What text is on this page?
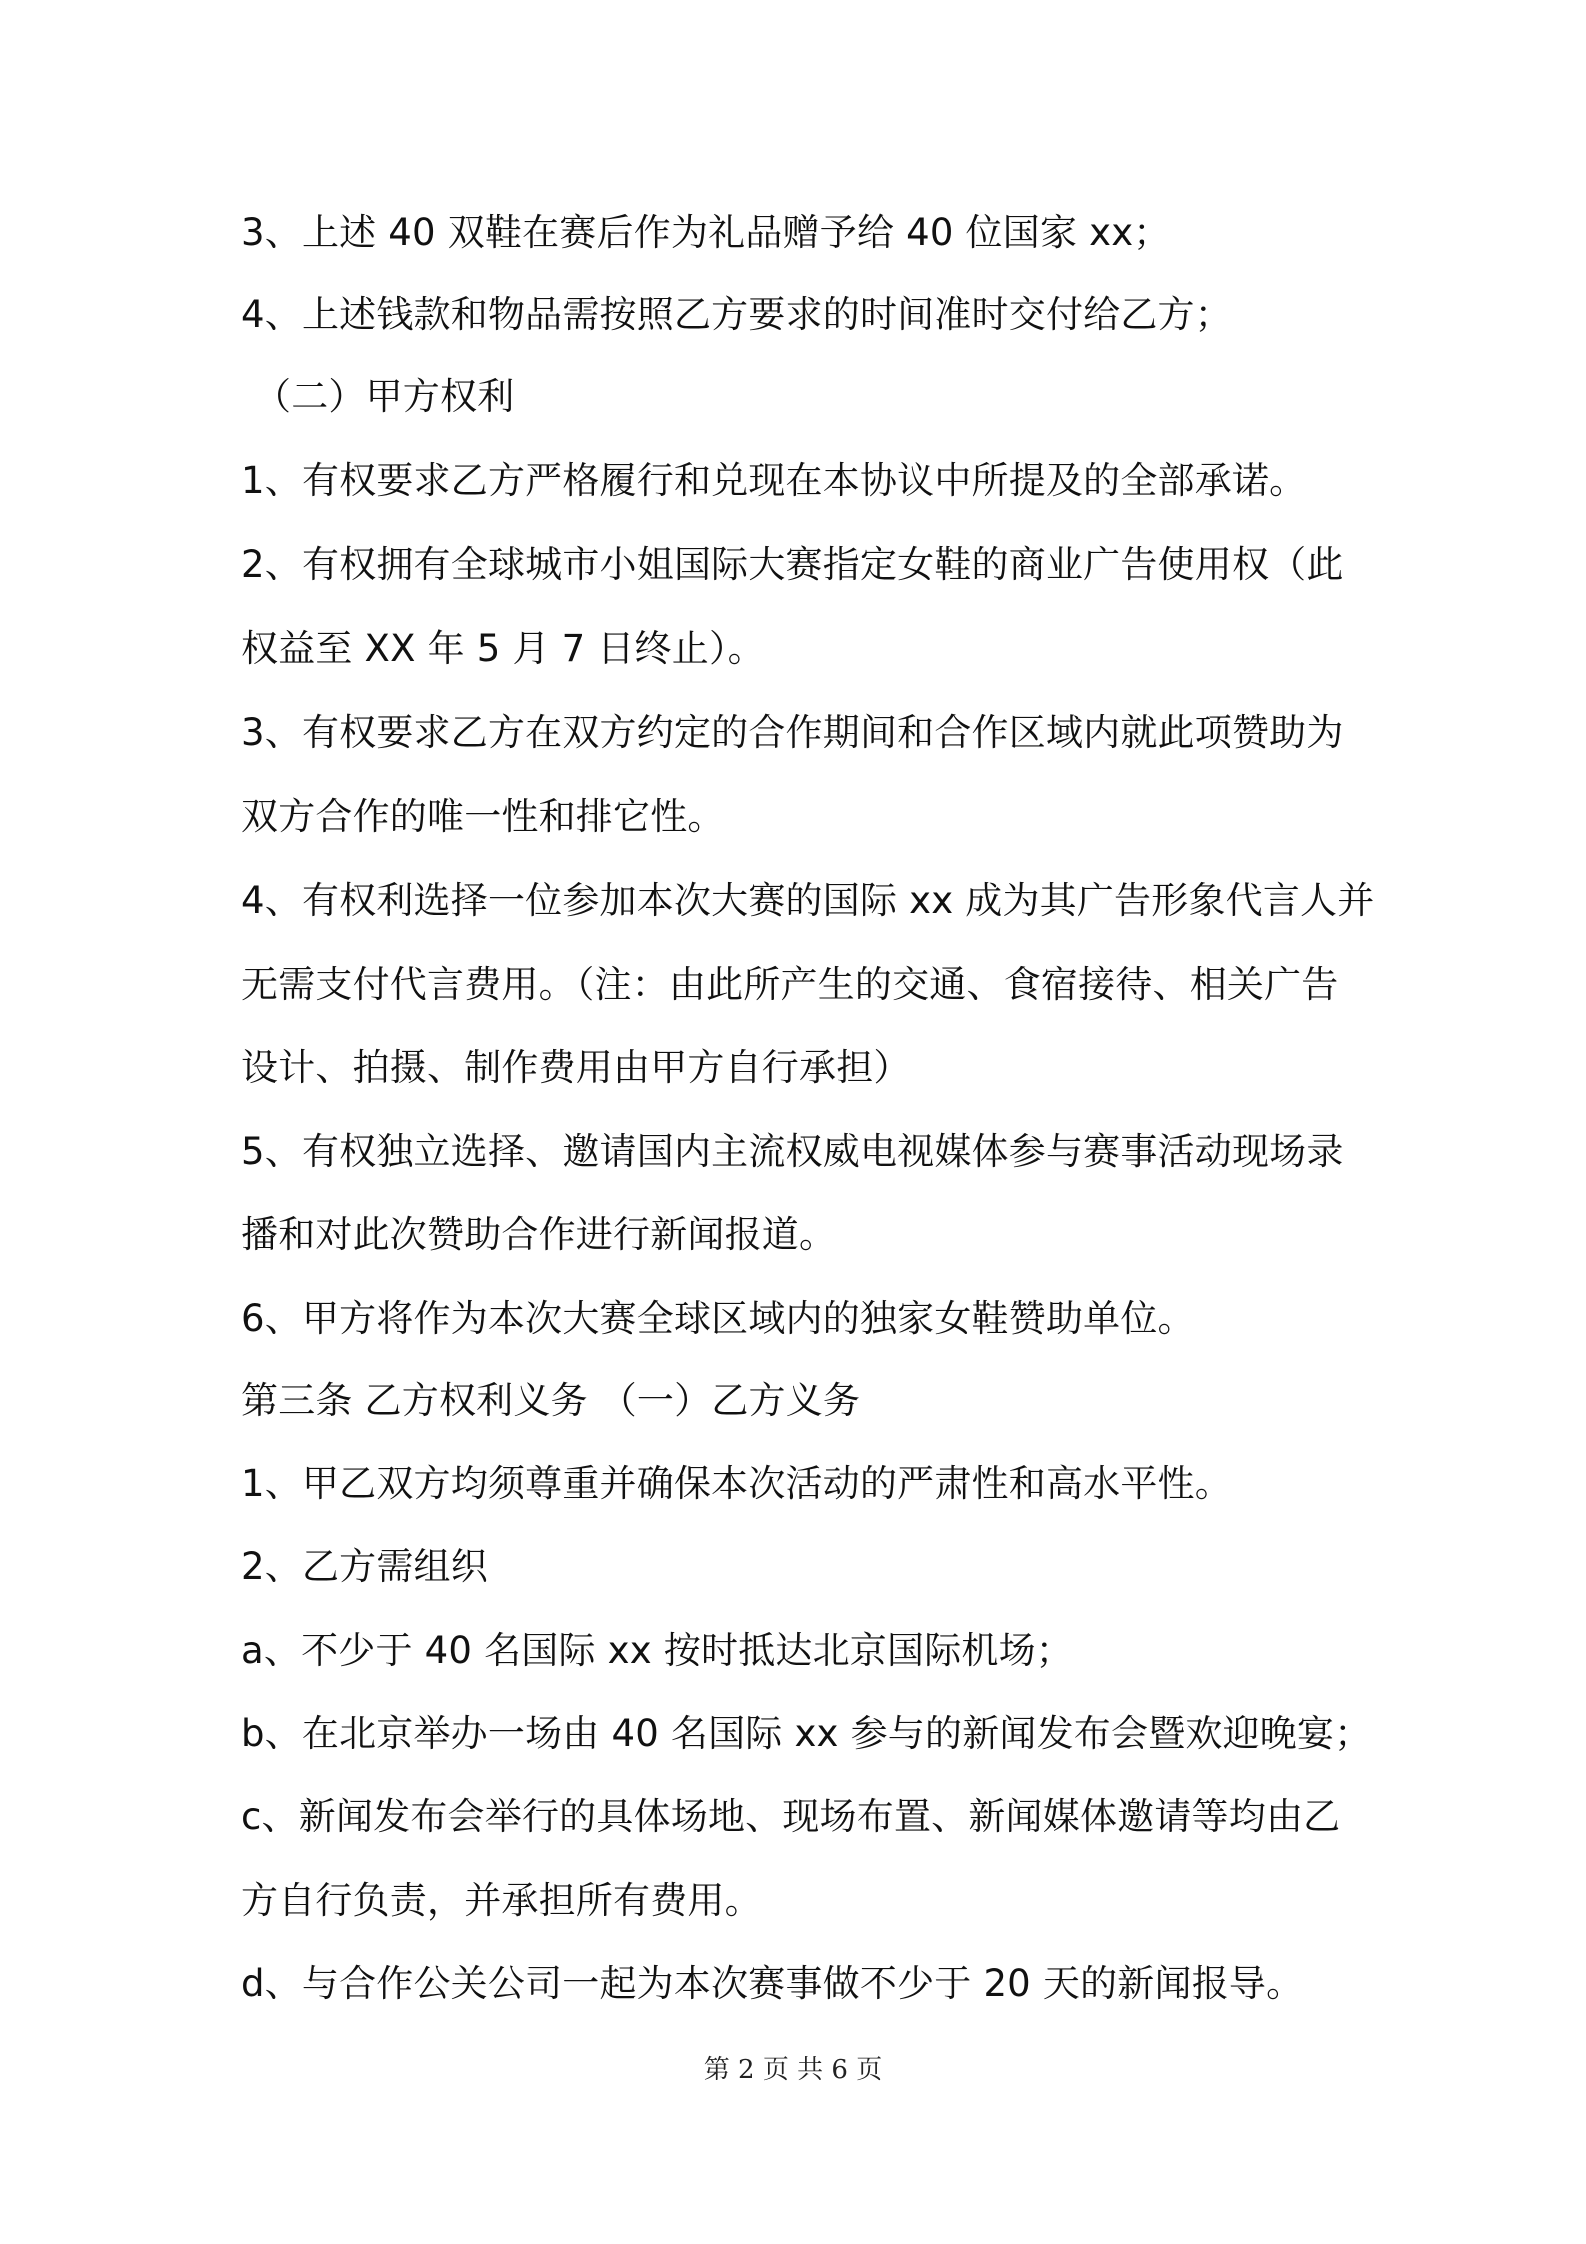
3、上述 40 双鞋在赛后作为礼品赠予给 40 位国家 xx；
4、上述钱款和物品需按照乙方要求的时间准时交付给乙方；
（二）甲方权利
1、有权要求乙方严格履行和兑现在本协议中所提及的全部承诺。
2、有权拥有全球城市小姐国际大赛指定女鞋的商业广告使用权（此
权益至 XX 年 5 月 7 日终止）。
3、有权要求乙方在双方约定的合作期间和合作区域内就此项赞助为
双方合作的唯一性和排它性。
4、有权利选择一位参加本次大赛的国际 xx 成为其广告形象代言人并
无需支付代言费用。（注：由此所产生的交通、食宿接待、相关广告
设计、拍摄、制作费用由甲方自行承担）
5、有权独立选择、邀请国内主流权威电视媒体参与赛事活动现场录
播和对此次赞助合作进行新闻报道。
6、甲方将作为本次大赛全球区域内的独家女鞋赞助单位。
第三条 乙方权利义务 （一）乙方义务
1、甲乙双方均须尊重并确保本次活动的严肃性和高水平性。
2、乙方需组织
a、不少于 40 名国际 xx 按时抵达北京国际机场；
b、在北京举办一场由 40 名国际 xx 参与的新闻发布会暨欢迎晚宴；
c、新闻发布会举行的具体场地、现场布置、新闻媒体邀请等均由乙
方自行负责，并承担所有费用。
d、与合作公关公司一起为本次赛事做不少于 20 天的新闻报导。
第 2 页 共 6 页
